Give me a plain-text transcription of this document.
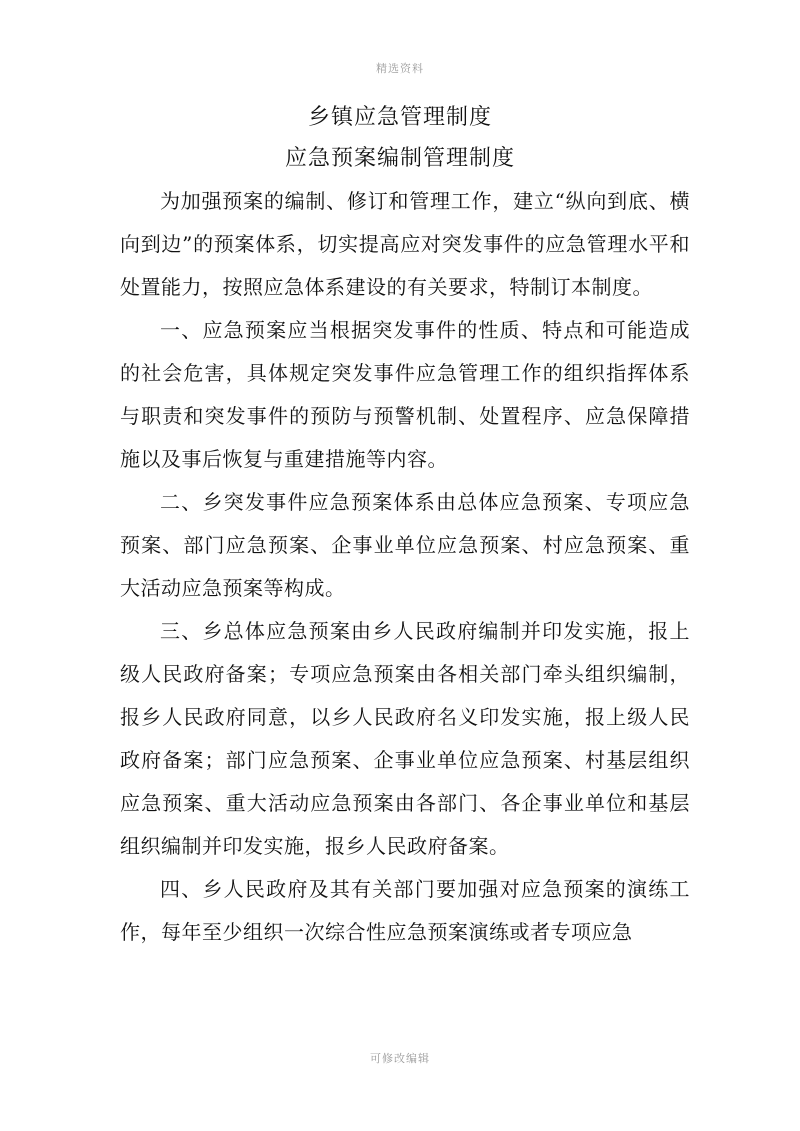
精选资料
乡镇应急管理制度
应急预案编制管理制度

为加强预案的编制、修订和管理工作，建立“纵向到底、横向到边”的预案体系，切实提高应对突发事件的应急管理水平和处置能力，按照应急体系建设的有关要求，特制订本制度。

一、应急预案应当根据突发事件的性质、特点和可能造成的社会危害，具体规定突发事件应急管理工作的组织指挥体系与职责和突发事件的预防与预警机制、处置程序、应急保障措施以及事后恢复与重建措施等内容。

二、乡突发事件应急预案体系由总体应急预案、专项应急预案、部门应急预案、企事业单位应急预案、村应急预案、重大活动应急预案等构成。

三、乡总体应急预案由乡人民政府编制并印发实施，报上级人民政府备案；专项应急预案由各相关部门牵头组织编制，报乡人民政府同意，以乡人民政府名义印发实施，报上级人民政府备案；部门应急预案、企事业单位应急预案、村基层组织应急预案、重大活动应急预案由各部门、各企事业单位和基层组织编制并印发实施，报乡人民政府备案。

四、乡人民政府及其有关部门要加强对应急预案的演练工作，每年至少组织一次综合性应急预案演练或者专项应急

可修改编辑
